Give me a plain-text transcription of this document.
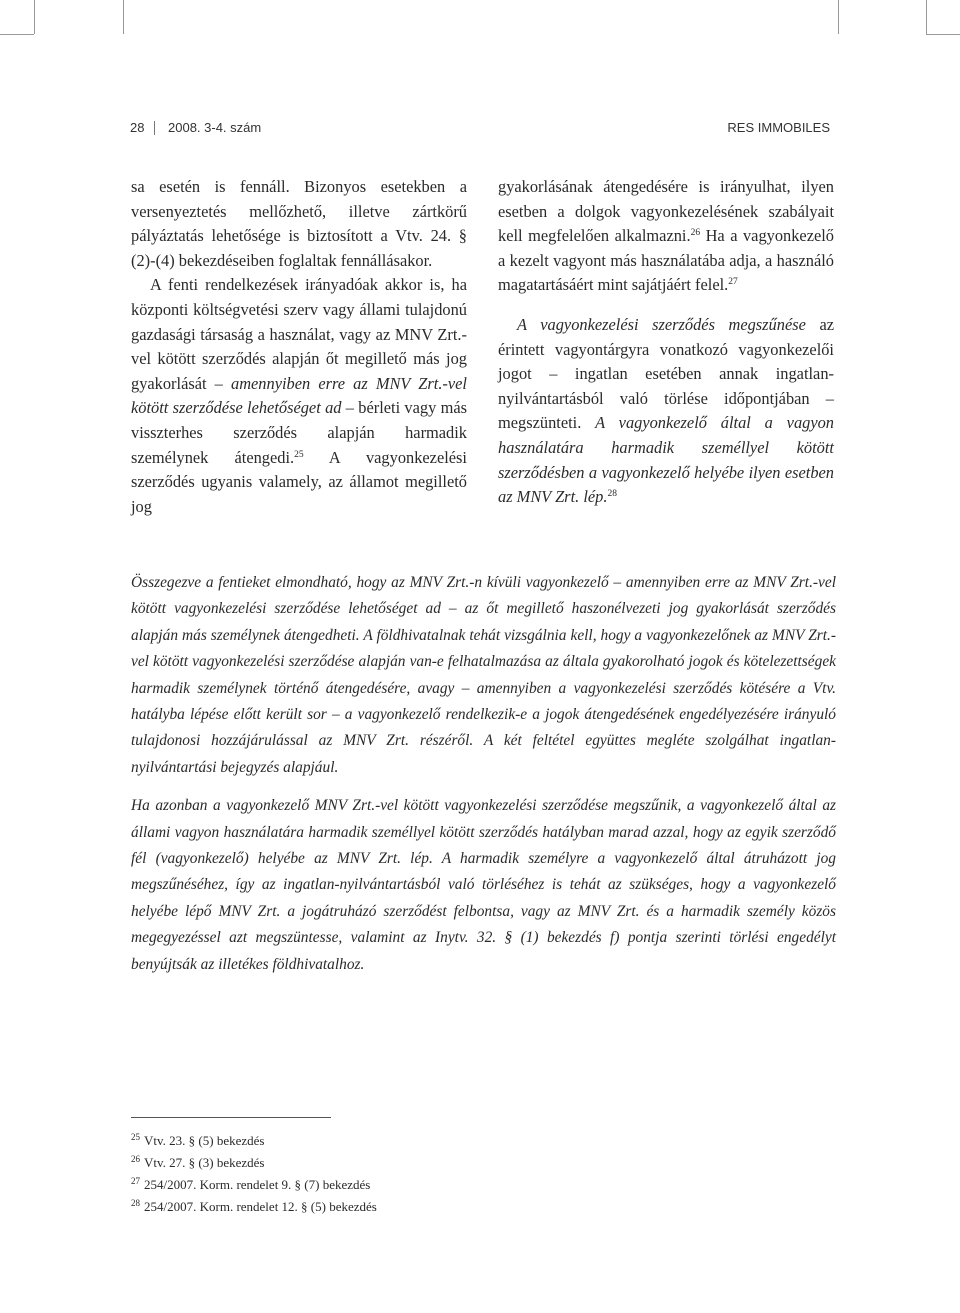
28 2008. 3-4. szám	RES IMMOBILES

sa esetén is fennáll. Bizonyos esetekben a versenyeztetés mellőzhető, illetve zártkörű pályáztatás lehetősége is biztosított a Vtv. 24. § (2)-(4) bekezdéseiben foglaltak fennállásakor.

A fenti rendelkezések irányadóak akkor is, ha központi költségvetési szerv vagy állami tulajdonú gazdasági társaság a használat, vagy az MNV Zrt.-vel kötött szerződés alapján őt megillető más jog gyakorlását – amennyiben erre az MNV Zrt.-vel kötött szerződése lehetőséget ad – bérleti vagy más visszterhes szerződés alapján harmadik személynek átengedi.$^{25}$ A vagyonkezelési szerződés ugyanis valamely, az államot megillető jog

gyakorlásának átengedésére is irányulhat, ilyen esetben a dolgok vagyonkezelésének szabályait kell megfelelően alkalmazni.$^{26}$ Ha a vagyonkezelő a kezelt vagyont más használatába adja, a használó magatartásáért mint sajátjáért felel.$^{27}$

A vagyonkezelési szerződés megszűnése az érintett vagyontárgyra vonatkozó vagyonkezelői jogot – ingatlan esetében annak ingatlan-nyilvántartásból való törlése időpontjában – megszünteti. A vagyonkezelő által a vagyon használatára harmadik személlyel kötött szerződésben a vagyonkezelő helyébe ilyen esetben az MNV Zrt. lép.$^{28}$

Összegezve a fentieket elmondható, hogy az MNV Zrt.-n kívüli vagyonkezelő – amennyiben erre az MNV Zrt.-vel kötött vagyonkezelési szerződése lehetőséget ad – az őt megillető haszonélvezeti jog gyakorlását szerződés alapján más személynek átengedheti. A földhivatalnak tehát vizsgálnia kell, hogy a vagyonkezelőnek az MNV Zrt.-vel kötött vagyonkezelési szerződése alapján van-e felhatalmazása az általa gyakorolható jogok és kötelezettségek harmadik személynek történő átengedésére, avagy – amennyiben a vagyonkezelési szerződés kötésére a Vtv. hatályba lépése előtt került sor – a vagyonkezelő rendelkezik-e a jogok átengedésének engedélyezésére irányuló tulajdonosi hozzájárulással az MNV Zrt. részéről. A két feltétel együttes megléte szolgálhat ingatlan-nyilvántartási bejegyzés alapjául.

Ha azonban a vagyonkezelő MNV Zrt.-vel kötött vagyonkezelési szerződése megszűnik, a vagyonkezelő által az állami vagyon használatára harmadik személlyel kötött szerződés hatályban marad azzal, hogy az egyik szerződő fél (vagyonkezelő) helyébe az MNV Zrt. lép. A harmadik személyre a vagyonkezelő által átruházott jog megszűnéséhez, így az ingatlan-nyilvántartásból való törléséhez is tehát az szükséges, hogy a vagyonkezelő helyébe lépő MNV Zrt. a jogátruházó szerződést felbontsa, vagy az MNV Zrt. és a harmadik személy közös megegyezéssel azt megszüntesse, valamint az Inytv. 32. § (1) bekezdés f) pontja szerinti törlési engedélyt benyújtsák az illetékes földhivatalhoz.

$^{25}$ Vtv. 23. § (5) bekezdés
$^{26}$ Vtv. 27. § (3) bekezdés
$^{27}$ 254/2007. Korm. rendelet 9. § (7) bekezdés
$^{28}$ 254/2007. Korm. rendelet 12. § (5) bekezdés
